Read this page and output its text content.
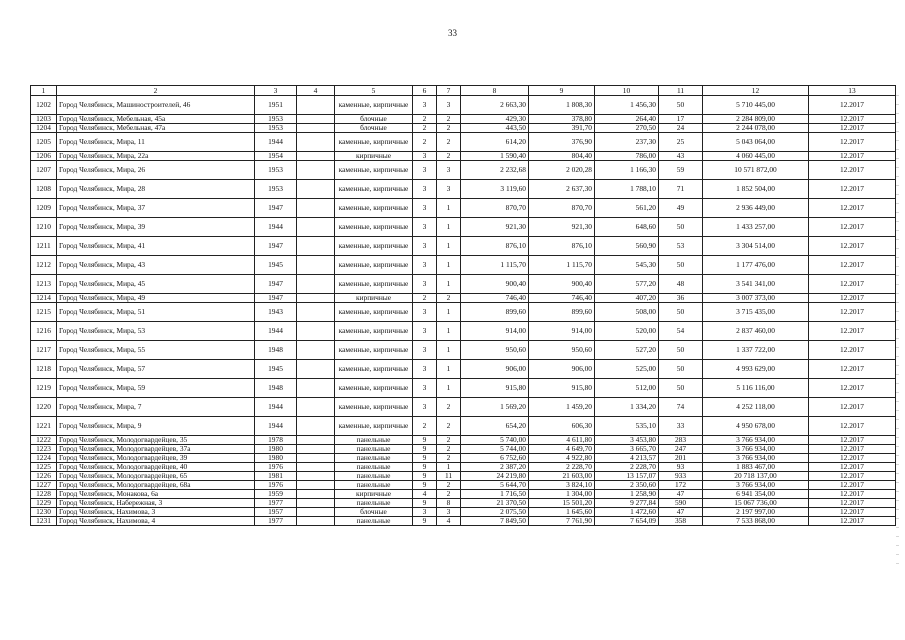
33
1	2	3	4	5	6	7	8	9	10	11	12	13
1202	Город Челябинск, Машиностроителей, 46	1951		каменные, кирпичные	3	3	2 663,30	1 808,30	1 456,30	50	5 710 445,00	12.2017
1203	Город Челябинск, Мебельная, 45а	1953		блочные	2	2	429,30	378,80	264,40	17	2 284 809,00	12.2017
1204	Город Челябинск, Мебельная, 47а	1953		блочные	2	2	443,50	391,70	270,50	24	2 244 078,00	12.2017
1205	Город Челябинск, Мира, 11	1944		каменные, кирпичные	2	2	614,20	376,90	237,30	25	5 043 064,00	12.2017
1206	Город Челябинск, Мира, 22а	1954		кирпичные	3	2	1 590,40	804,40	786,00	43	4 060 445,00	12.2017
1207	Город Челябинск, Мира, 26	1953		каменные, кирпичные	3	3	2 232,68	2 020,28	1 166,30	59	10 571 872,00	12.2017
1208	Город Челябинск, Мира, 28	1953		каменные, кирпичные	3	3	3 119,60	2 637,30	1 788,10	71	1 852 504,00	12.2017
1209	Город Челябинск, Мира, 37	1947		каменные, кирпичные	3	1	870,70	870,70	561,20	49	2 936 449,00	12.2017
1210	Город Челябинск, Мира, 39	1944		каменные, кирпичные	3	1	921,30	921,30	648,60	50	1 433 257,00	12.2017
1211	Город Челябинск, Мира, 41	1947		каменные, кирпичные	3	1	876,10	876,10	560,90	53	3 304 514,00	12.2017
1212	Город Челябинск, Мира, 43	1945		каменные, кирпичные	3	1	1 115,70	1 115,70	545,30	50	1 177 476,00	12.2017
1213	Город Челябинск, Мира, 45	1947		каменные, кирпичные	3	1	900,40	900,40	577,20	48	3 541 341,00	12.2017
1214	Город Челябинск, Мира, 49	1947		кирпичные	2	2	746,40	746,40	407,20	36	3 007 373,00	12.2017
1215	Город Челябинск, Мира, 51	1943		каменные, кирпичные	3	1	899,60	899,60	508,00	50	3 715 435,00	12.2017
1216	Город Челябинск, Мира, 53	1944		каменные, кирпичные	3	1	914,00	914,00	520,00	54	2 837 460,00	12.2017
1217	Город Челябинск, Мира, 55	1948		каменные, кирпичные	3	1	950,60	950,60	527,20	50	1 337 722,00	12.2017
1218	Город Челябинск, Мира, 57	1945		каменные, кирпичные	3	1	906,00	906,00	525,00	50	4 993 629,00	12.2017
1219	Город Челябинск, Мира, 59	1948		каменные, кирпичные	3	1	915,80	915,80	512,00	50	5 116 116,00	12.2017
1220	Город Челябинск, Мира, 7	1944		каменные, кирпичные	3	2	1 569,20	1 459,20	1 334,20	74	4 252 118,00	12.2017
1221	Город Челябинск, Мира, 9	1944		каменные, кирпичные	2	2	654,20	606,30	535,10	33	4 950 678,00	12.2017
1222	Город Челябинск, Молодогвардейцев, 35	1978		панельные	9	2	5 740,00	4 611,80	3 453,80	283	3 766 934,00	12.2017
1223	Город Челябинск, Молодогвардейцев, 37а	1980		панельные	9	2	5 744,00	4 649,70	3 665,70	247	3 766 934,00	12.2017
1224	Город Челябинск, Молодогвардейцев, 39	1980		панельные	9	2	6 752,60	4 922,80	4 213,57	201	3 766 934,00	12.2017
1225	Город Челябинск, Молодогвардейцев, 40	1976		панельные	9	1	2 387,20	2 228,70	2 228,70	93	1 883 467,00	12.2017
1226	Город Челябинск, Молодогвардейцев, 65	1981		панельные	9	11	24 219,80	21 603,00	13 157,07	933	20 718 137,00	12.2017
1227	Город Челябинск, Молодогвардейцев, 68а	1976		панельные	9	2	5 644,70	3 824,10	2 350,60	172	3 766 934,00	12.2017
1228	Город Челябинск, Монакова, 6а	1959		кирпичные	4	2	1 716,50	1 304,00	1 258,90	47	6 941 354,00	12.2017
1229	Город Челябинск, Набережная, 3	1977		панельные	9	8	21 370,50	15 501,20	9 277,84	590	15 067 736,00	12.2017
1230	Город Челябинск, Нахимова, 3	1957		блочные	3	3	2 075,50	1 645,60	1 472,60	47	2 197 997,00	12.2017
1231	Город Челябинск, Нахимова, 4	1977		панельные	9	4	7 849,50	7 761,90	7 654,09	358	7 533 868,00	12.2017
